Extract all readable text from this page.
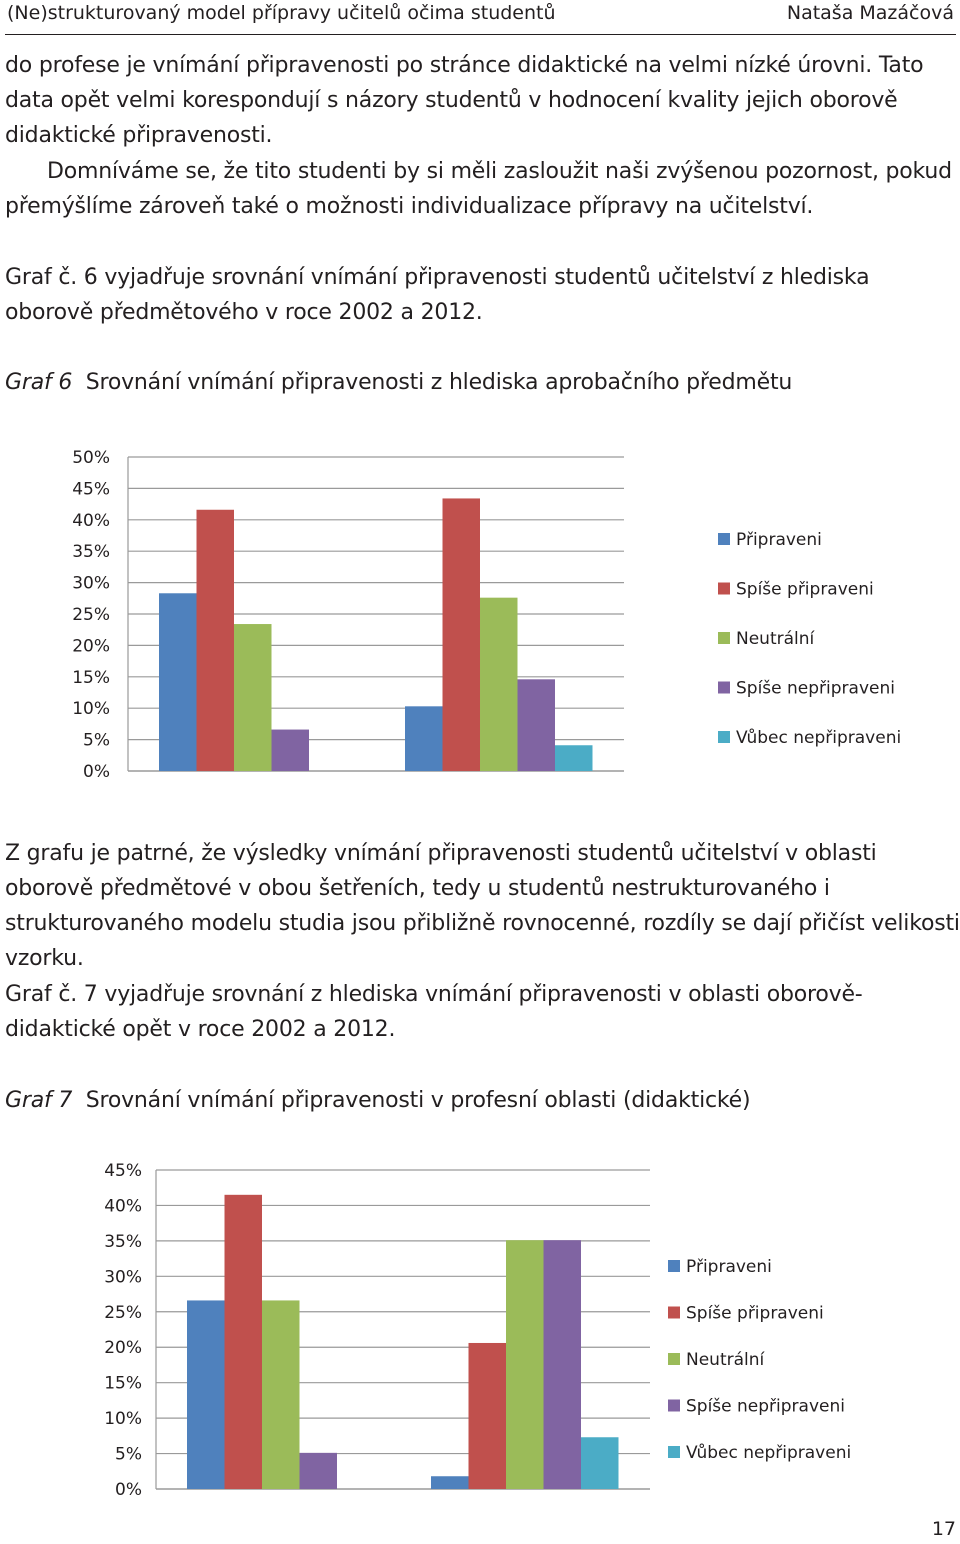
(Ne)strukturovaný model přípravy učitelů očima studentů	Nataša Mazáčová

do profese je vnímání připravenosti po stránce didaktické na velmi nízké úrovni. Tato data opět velmi korespondují s názory studentů v hodnocení kvality jejich oborově didaktické připravenosti.

Domníváme se, že tito studenti by si měli zasloužit naši zvýšenou pozornost, pokud přemýšlíme zároveň také o možnosti individualizace přípravy na učitelství.

Graf č. 6 vyjadřuje srovnání vnímání připravenosti studentů učitelství z hlediska oborově předmětového v roce 2002 a 2012.

Graf 6 Srovnání vnímání připravenosti z hlediska aprobačního předmětu

0%
5%
10%
15%
20%
25%
30%
35%
40%
45%
50%
Připraveni
Spíše připraveni
Neutrální
Spíše nepřipraveni
Vůbec nepřipraveni

Z grafu je patrné, že výsledky vnímání připravenosti studentů učitelství v oblasti oborově předmětové v obou šetřeních, tedy u studentů nestrukturovaného i strukturovaného modelu studia jsou přibližně rovnocenné, rozdíly se dají přičíst velikosti vzorku.

Graf č. 7 vyjadřuje srovnání z hlediska vnímání připravenosti v oblasti oborově-didaktické opět v roce 2002 a 2012.

Graf 7 Srovnání vnímání připravenosti v profesní oblasti (didaktické)

0%
5%
10%
15%
20%
25%
30%
35%
40%
45%
Připraveni
Spíše připraveni
Neutrální
Spíše nepřipraveni
Vůbec nepřipraveni
17
